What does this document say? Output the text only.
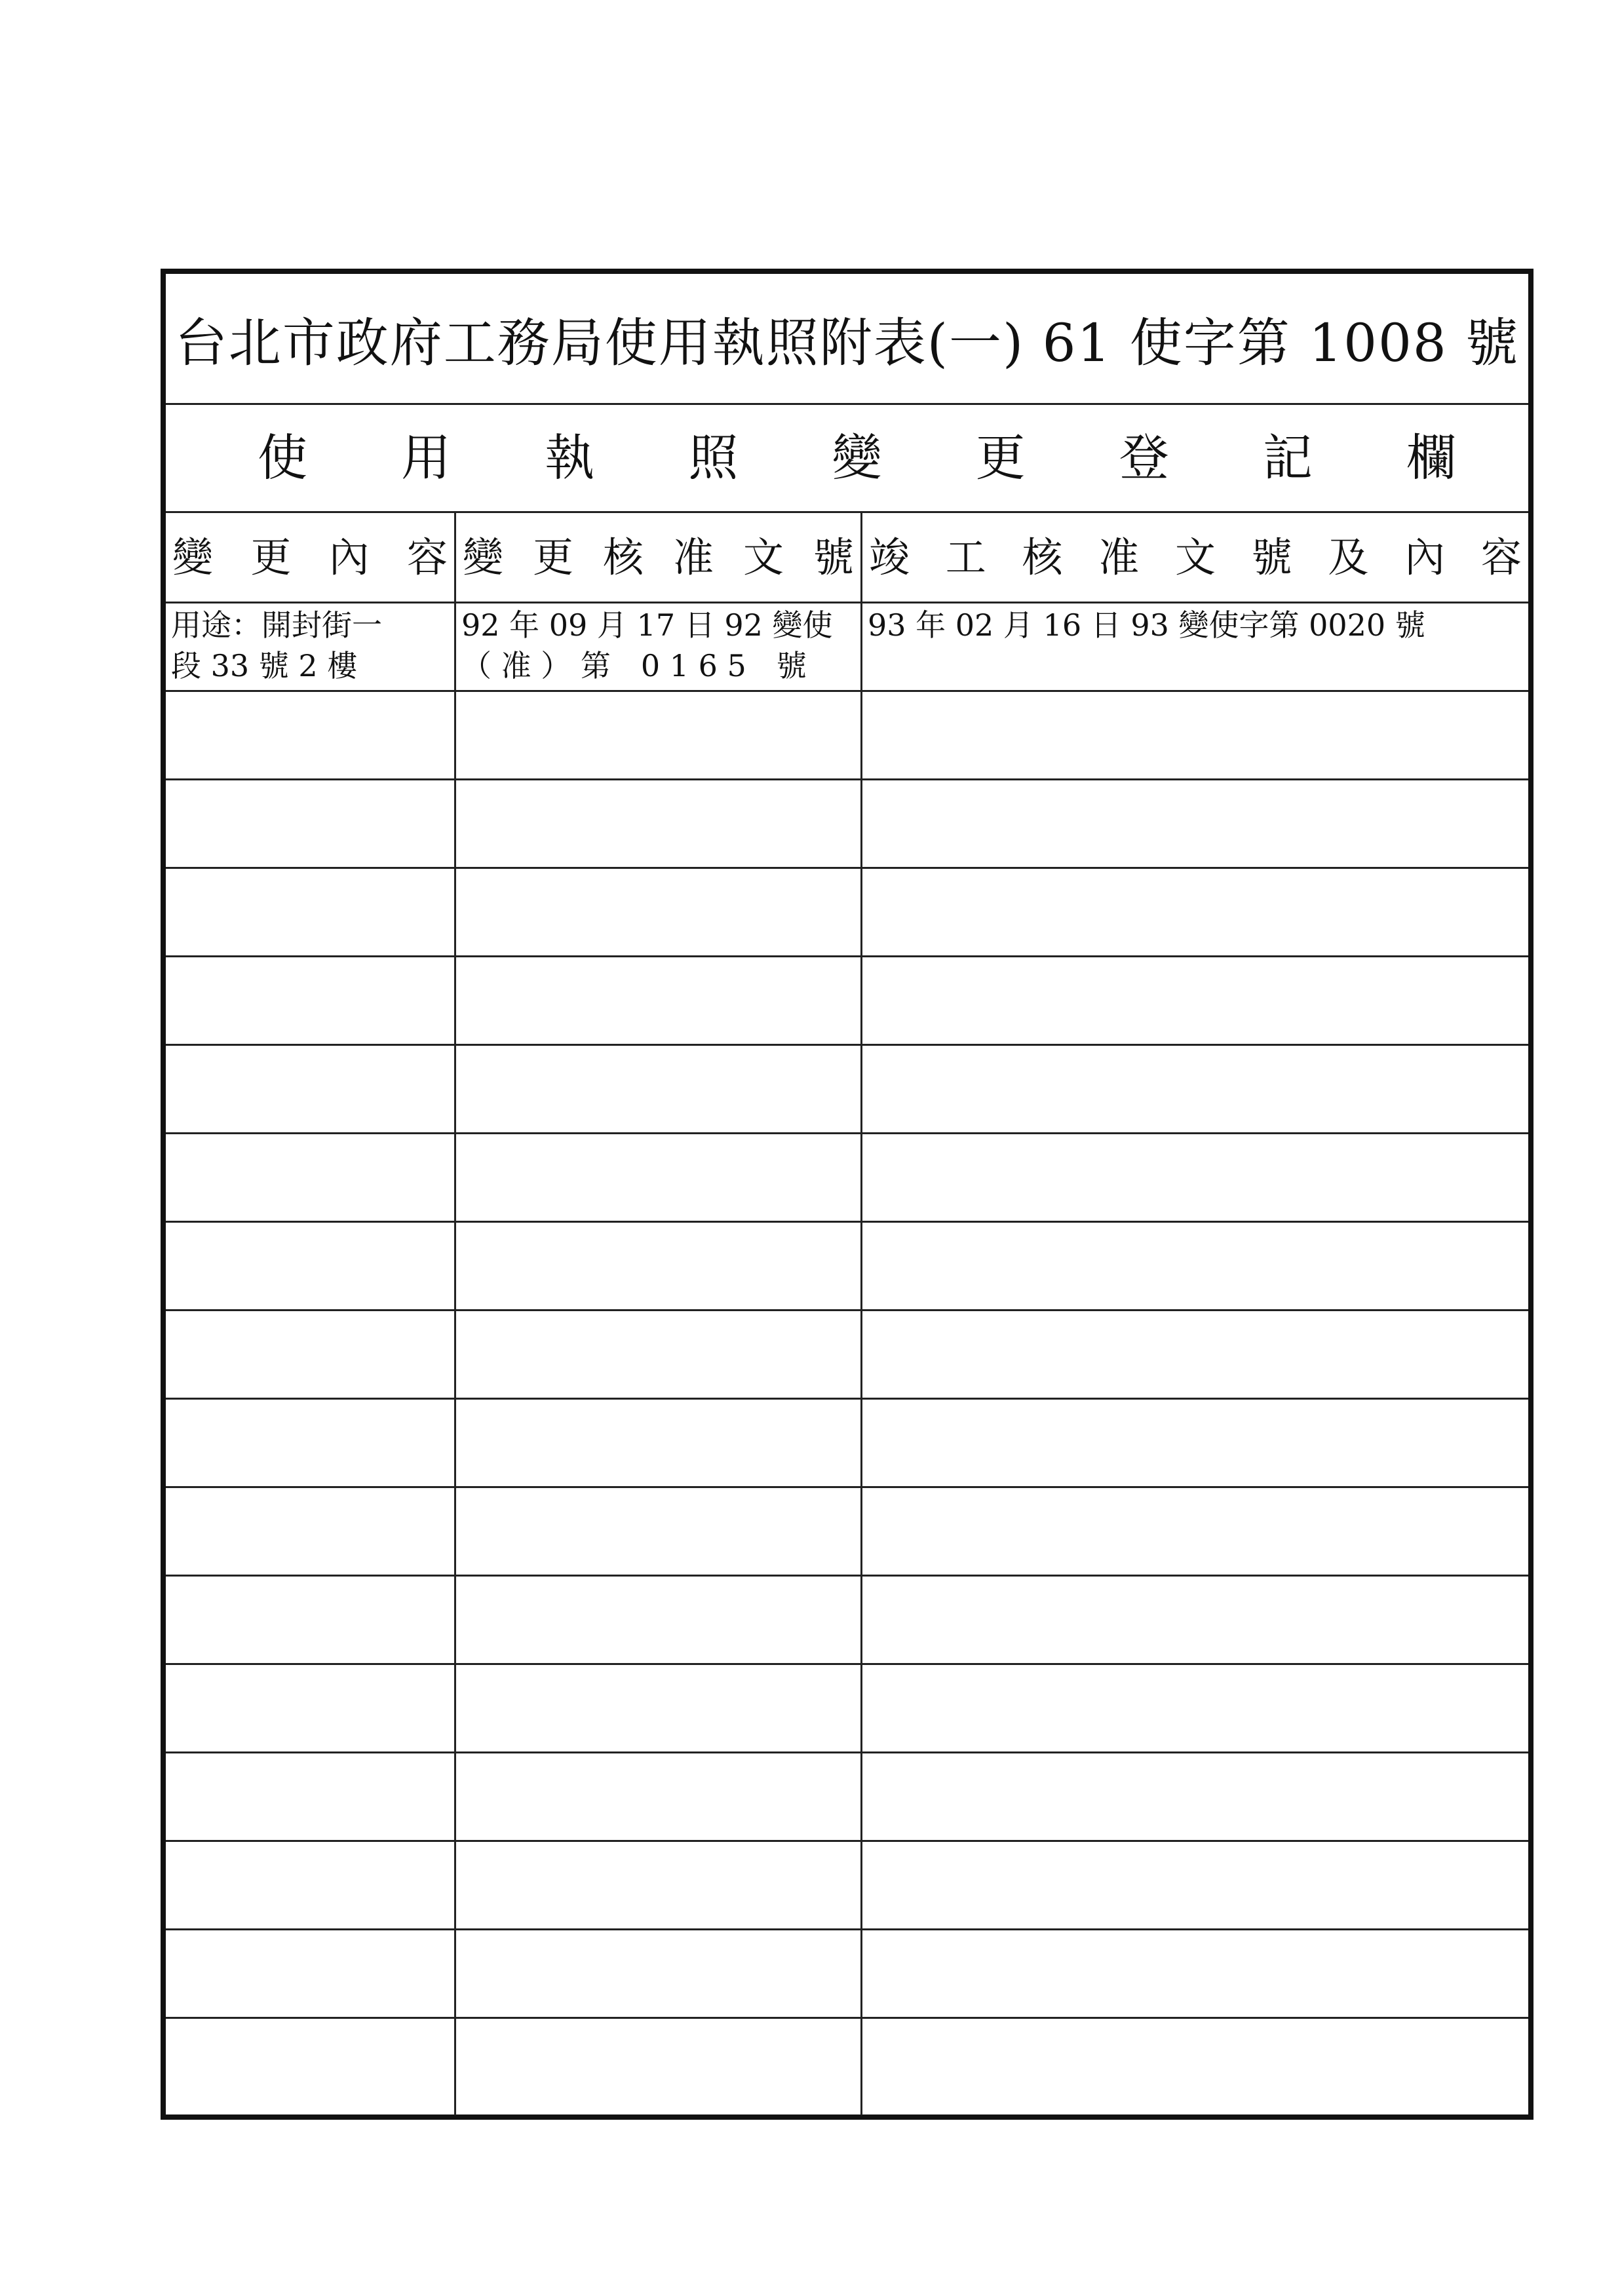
台北市政府工務局使用執照附表(一) 61 使字第 1008 號
使 用 執 照 變 更 登 記 欄
變 更 內 容 變 更 核 准 文 號 竣 工 核 准 文 號 及 內 容
用途：開封街一
段 33 號 2 樓
92 年 09 月 17 日 92 變使
（ 准 ） 第　0 1 6 5　號
93 年 02 月 16 日 93 變使字第 0020 號
